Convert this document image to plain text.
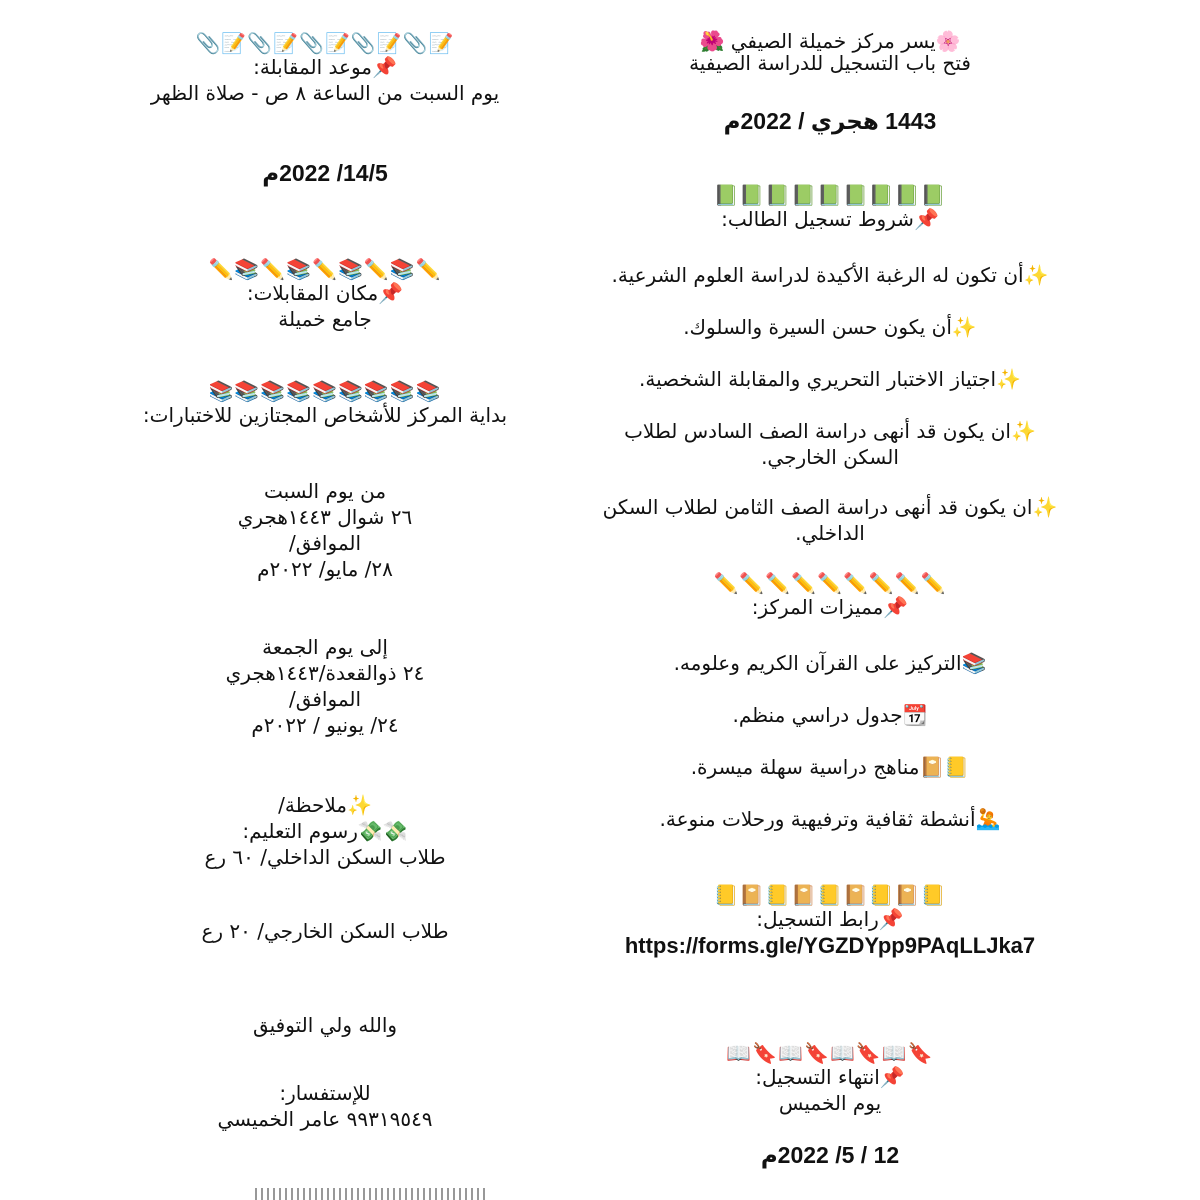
🌸يسر مركز خميلة الصيفي 🌺
فتح باب التسجيل للدراسة الصيفية
1443 هجري / 2022م
📗📗📗📗📗📗📗📗📗
📌شروط تسجيل الطالب:
✨أن تكون له الرغبة الأكيدة لدراسة العلوم الشرعية.
✨أن يكون حسن السيرة والسلوك.
✨اجتياز الاختبار التحريري والمقابلة الشخصية.
✨ان يكون قد أنهى دراسة الصف السادس لطلاب السكن الخارجي.
✨ان يكون قد أنهى دراسة الصف الثامن لطلاب السكن الداخلي.
✏️✏️✏️✏️✏️✏️✏️✏️✏️
📌مميزات المركز:
📚التركيز على القرآن الكريم وعلومه.
📆جدول دراسي منظم.
📒📔مناهج دراسية سهلة ميسرة.
🤽أنشطة ثقافية وترفيهية ورحلات منوعة.
📒📔📒📔📒📔📒📔📒
📌رابط التسجيل:
https://forms.gle/YGZDYpp9PAqLLJka7
🔖📖🔖📖🔖📖🔖📖
📌انتهاء التسجيل:
يوم الخميس
12 / 5/ 2022م
📝📎📝📎📝📎📝📎📝📎
📌موعد المقابلة:
يوم السبت من الساعة ٨ ص - صلاة الظهر
14/5/ 2022م
✏️📚✏️📚✏️📚✏️📚✏️
📌مكان المقابلات:
جامع خميلة
📚📚📚📚📚📚📚📚📚
بداية المركز للأشخاص المجتازين للاختبارات:
من يوم السبت
٢٦ شوال ١٤٤٣هجري
الموافق/
٢٨/ مايو/ ٢٠٢٢م
إلى يوم الجمعة
٢٤ ذوالقعدة/١٤٤٣هجري
الموافق/
٢٤/ يونيو / ٢٠٢٢م
✨ملاحظة/
💸💸رسوم التعليم:
طلاب السكن الداخلي/ ٦٠ رع
طلاب السكن الخارجي/ ٢٠ رع
والله ولي التوفيق
للإستفسار:
٩٩٣١٩٥٤٩ عامر الخميسي
